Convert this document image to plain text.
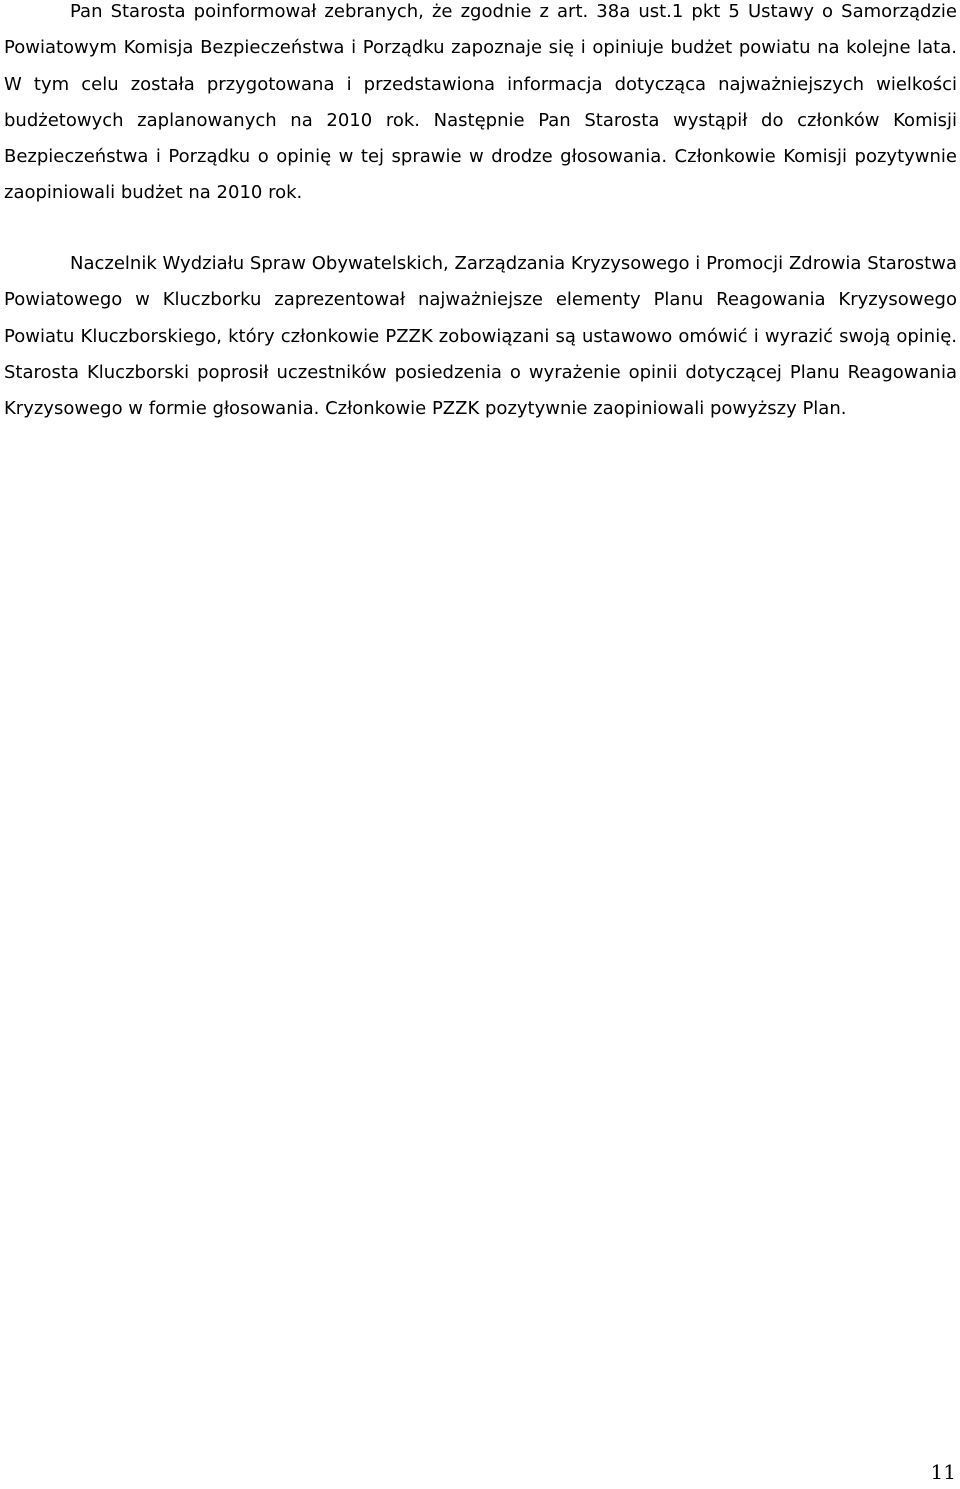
Pan Starosta poinformował zebranych, że zgodnie z art. 38a ust.1 pkt 5 Ustawy o Samorządzie Powiatowym Komisja Bezpieczeństwa i Porządku zapoznaje się i opiniuje budżet powiatu na kolejne lata. W tym celu została przygotowana i przedstawiona informacja dotycząca najważniejszych wielkości budżetowych zaplanowanych na 2010 rok. Następnie Pan Starosta wystąpił do członków Komisji Bezpieczeństwa i Porządku o opinię w tej sprawie w drodze głosowania. Członkowie Komisji pozytywnie zaopiniowali budżet na 2010 rok.

Naczelnik Wydziału Spraw Obywatelskich, Zarządzania Kryzysowego i Promocji Zdrowia Starostwa Powiatowego w Kluczborku zaprezentował najważniejsze elementy Planu Reagowania Kryzysowego Powiatu Kluczborskiego, który członkowie PZZK zobowiązani są ustawowo omówić i wyrazić swoją opinię. Starosta Kluczborski poprosił uczestników posiedzenia o wyrażenie opinii dotyczącej Planu Reagowania Kryzysowego w formie głosowania. Członkowie PZZK pozytywnie zaopiniowali powyższy Plan.

11
